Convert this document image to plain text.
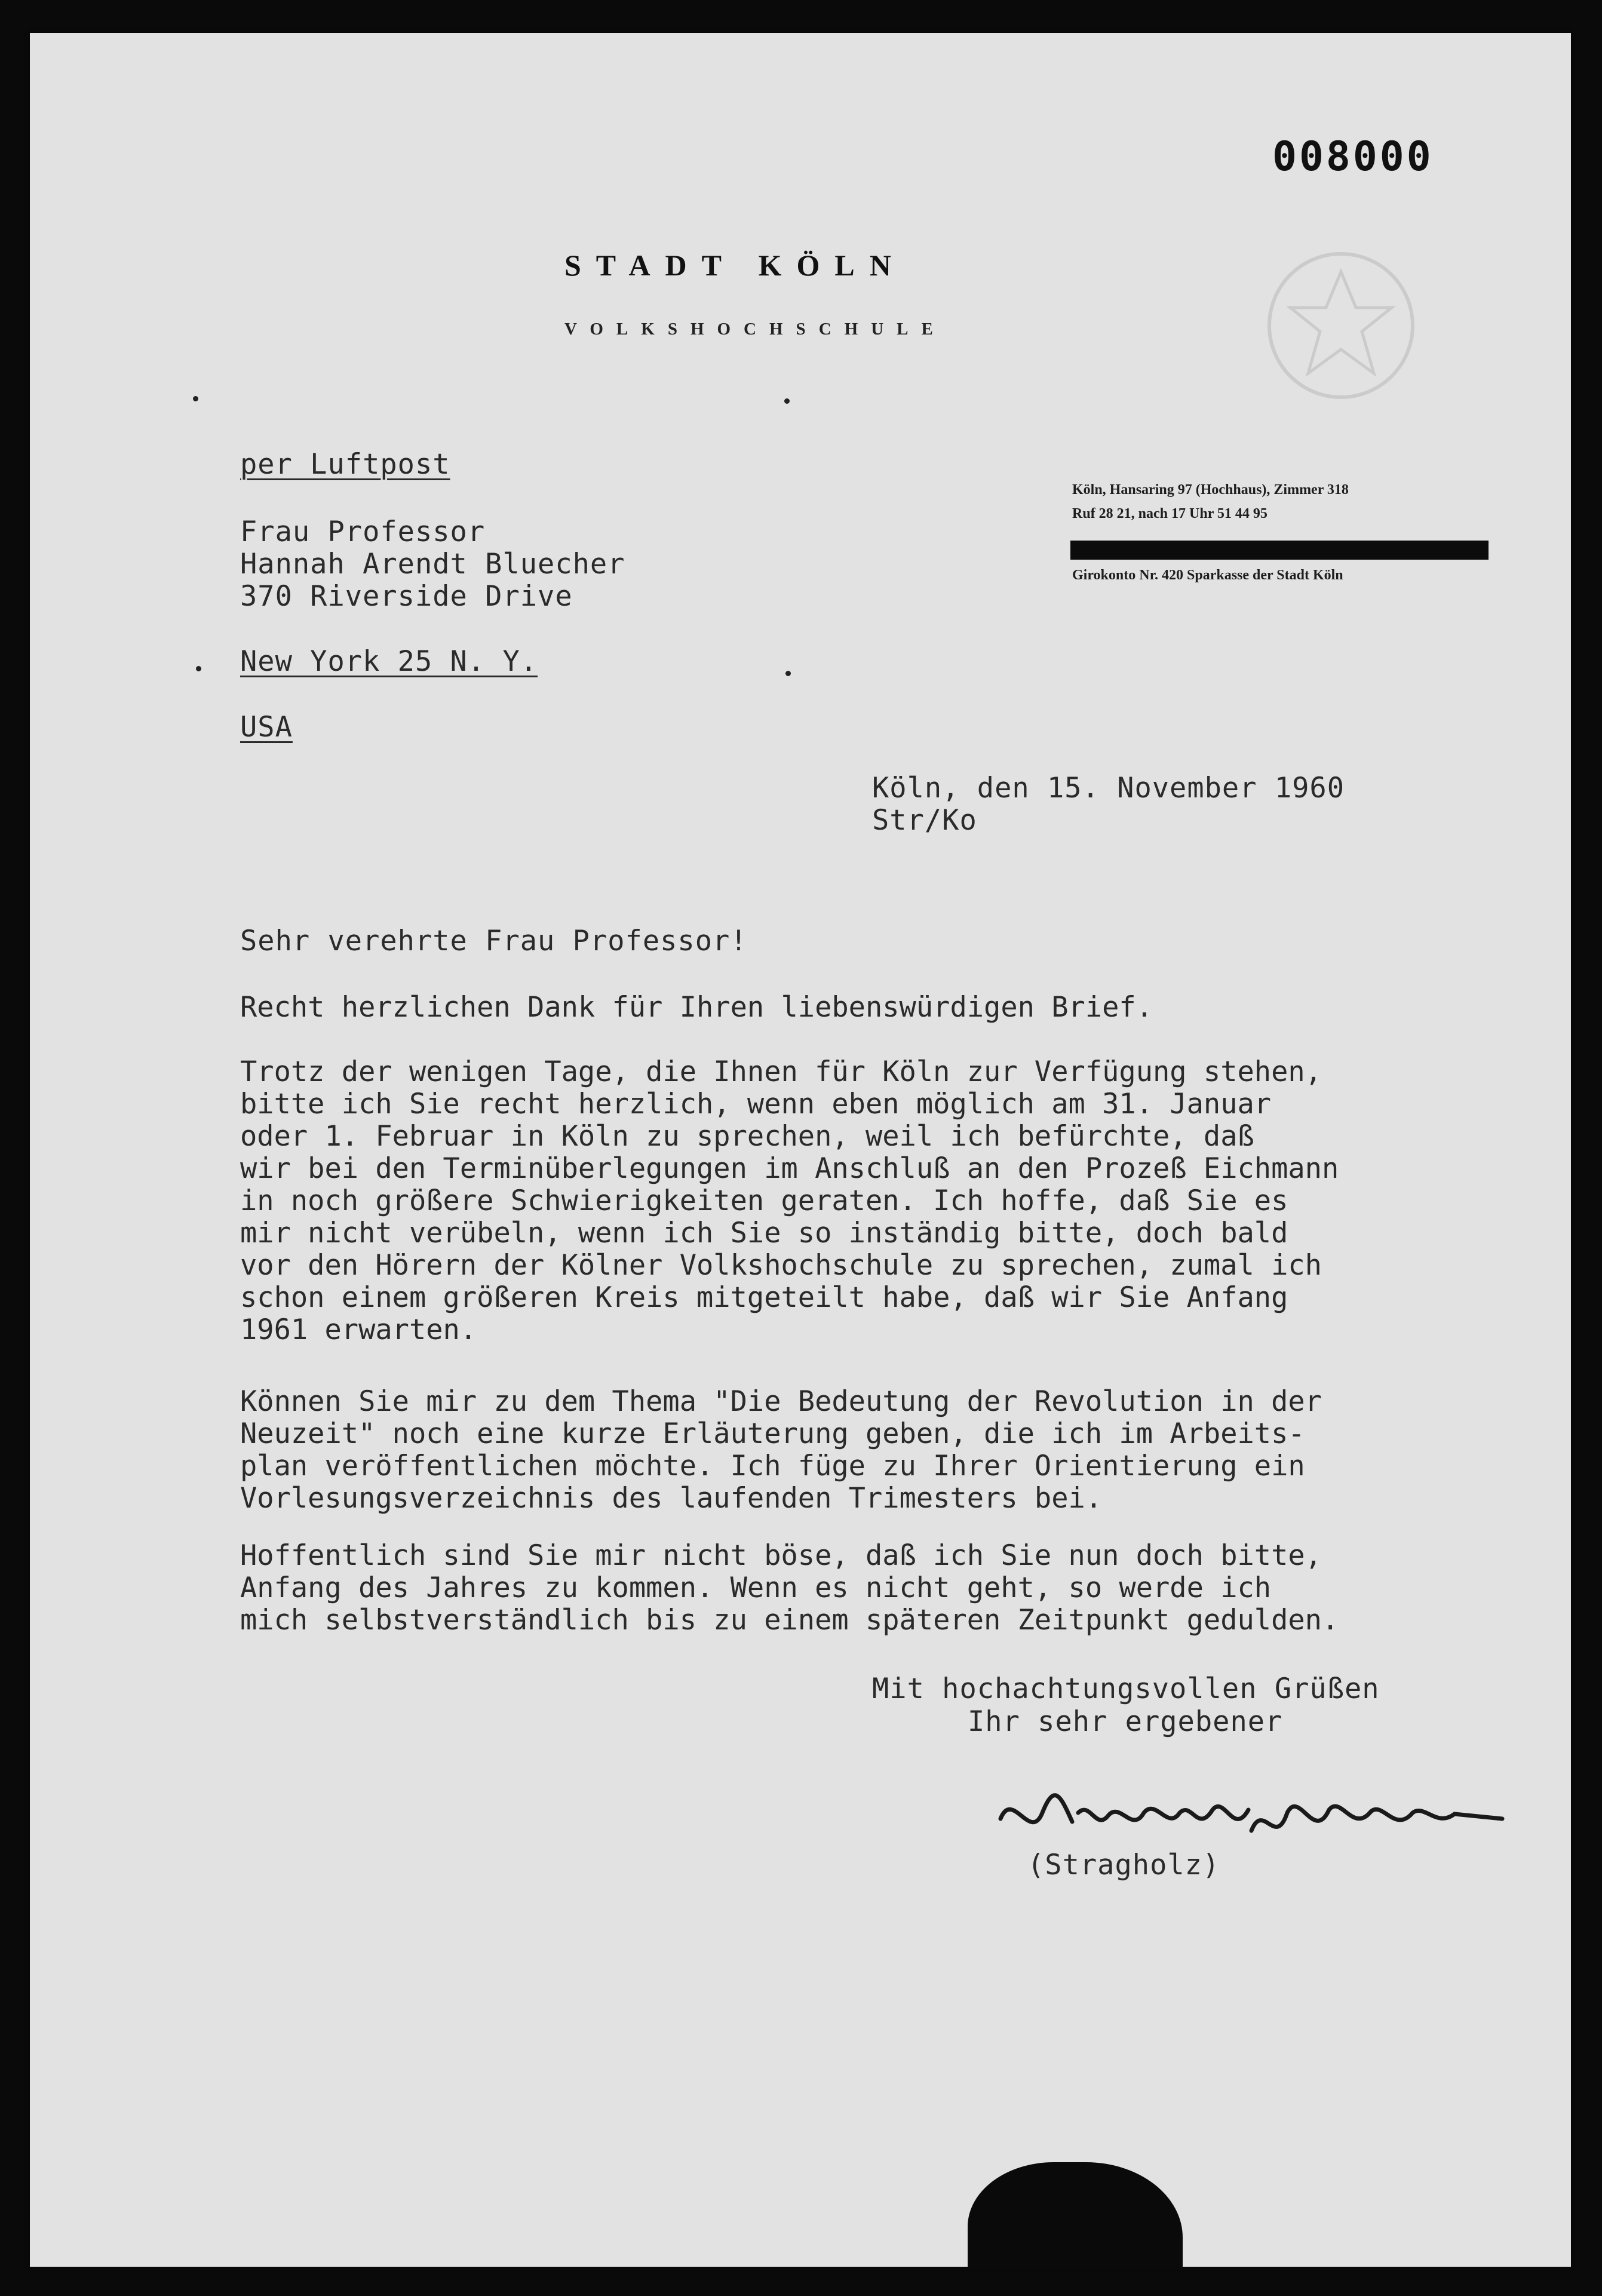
008000
STADT KÖLN
VOLKSHOCHSCHULE
Köln, Hansaring 97 (Hochhaus), Zimmer 318
Ruf 28 21, nach 17 Uhr 51 44 95
Girokonto Nr. 420 Sparkasse der Stadt Köln
per Luftpost
Frau Professor
Hannah Arendt Bluecher
370 Riverside Drive
New York 25 N. Y.
USA
Köln, den 15. November 1960
Str/Ko
Sehr verehrte Frau Professor!
Recht herzlichen Dank für Ihren liebenswürdigen Brief.
Trotz der wenigen Tage, die Ihnen für Köln zur Verfügung stehen,
bitte ich Sie recht herzlich, wenn eben möglich am 31. Januar
oder 1. Februar in Köln zu sprechen, weil ich befürchte, daß
wir bei den Terminüberlegungen im Anschluß an den Prozeß Eichmann
in noch größere Schwierigkeiten geraten. Ich hoffe, daß Sie es
mir nicht verübeln, wenn ich Sie so inständig bitte, doch bald
vor den Hörern der Kölner Volkshochschule zu sprechen, zumal ich
schon einem größeren Kreis mitgeteilt habe, daß wir Sie Anfang
1961 erwarten.
Können Sie mir zu dem Thema "Die Bedeutung der Revolution in der
Neuzeit" noch eine kurze Erläuterung geben, die ich im Arbeits-
plan veröffentlichen möchte. Ich füge zu Ihrer Orientierung ein
Vorlesungsverzeichnis des laufenden Trimesters bei.
Hoffentlich sind Sie mir nicht böse, daß ich Sie nun doch bitte,
Anfang des Jahres zu kommen. Wenn es nicht geht, so werde ich
mich selbstverständlich bis zu einem späteren Zeitpunkt gedulden.
Mit hochachtungsvollen Grüßen
Ihr sehr ergebener
(Stragholz)
